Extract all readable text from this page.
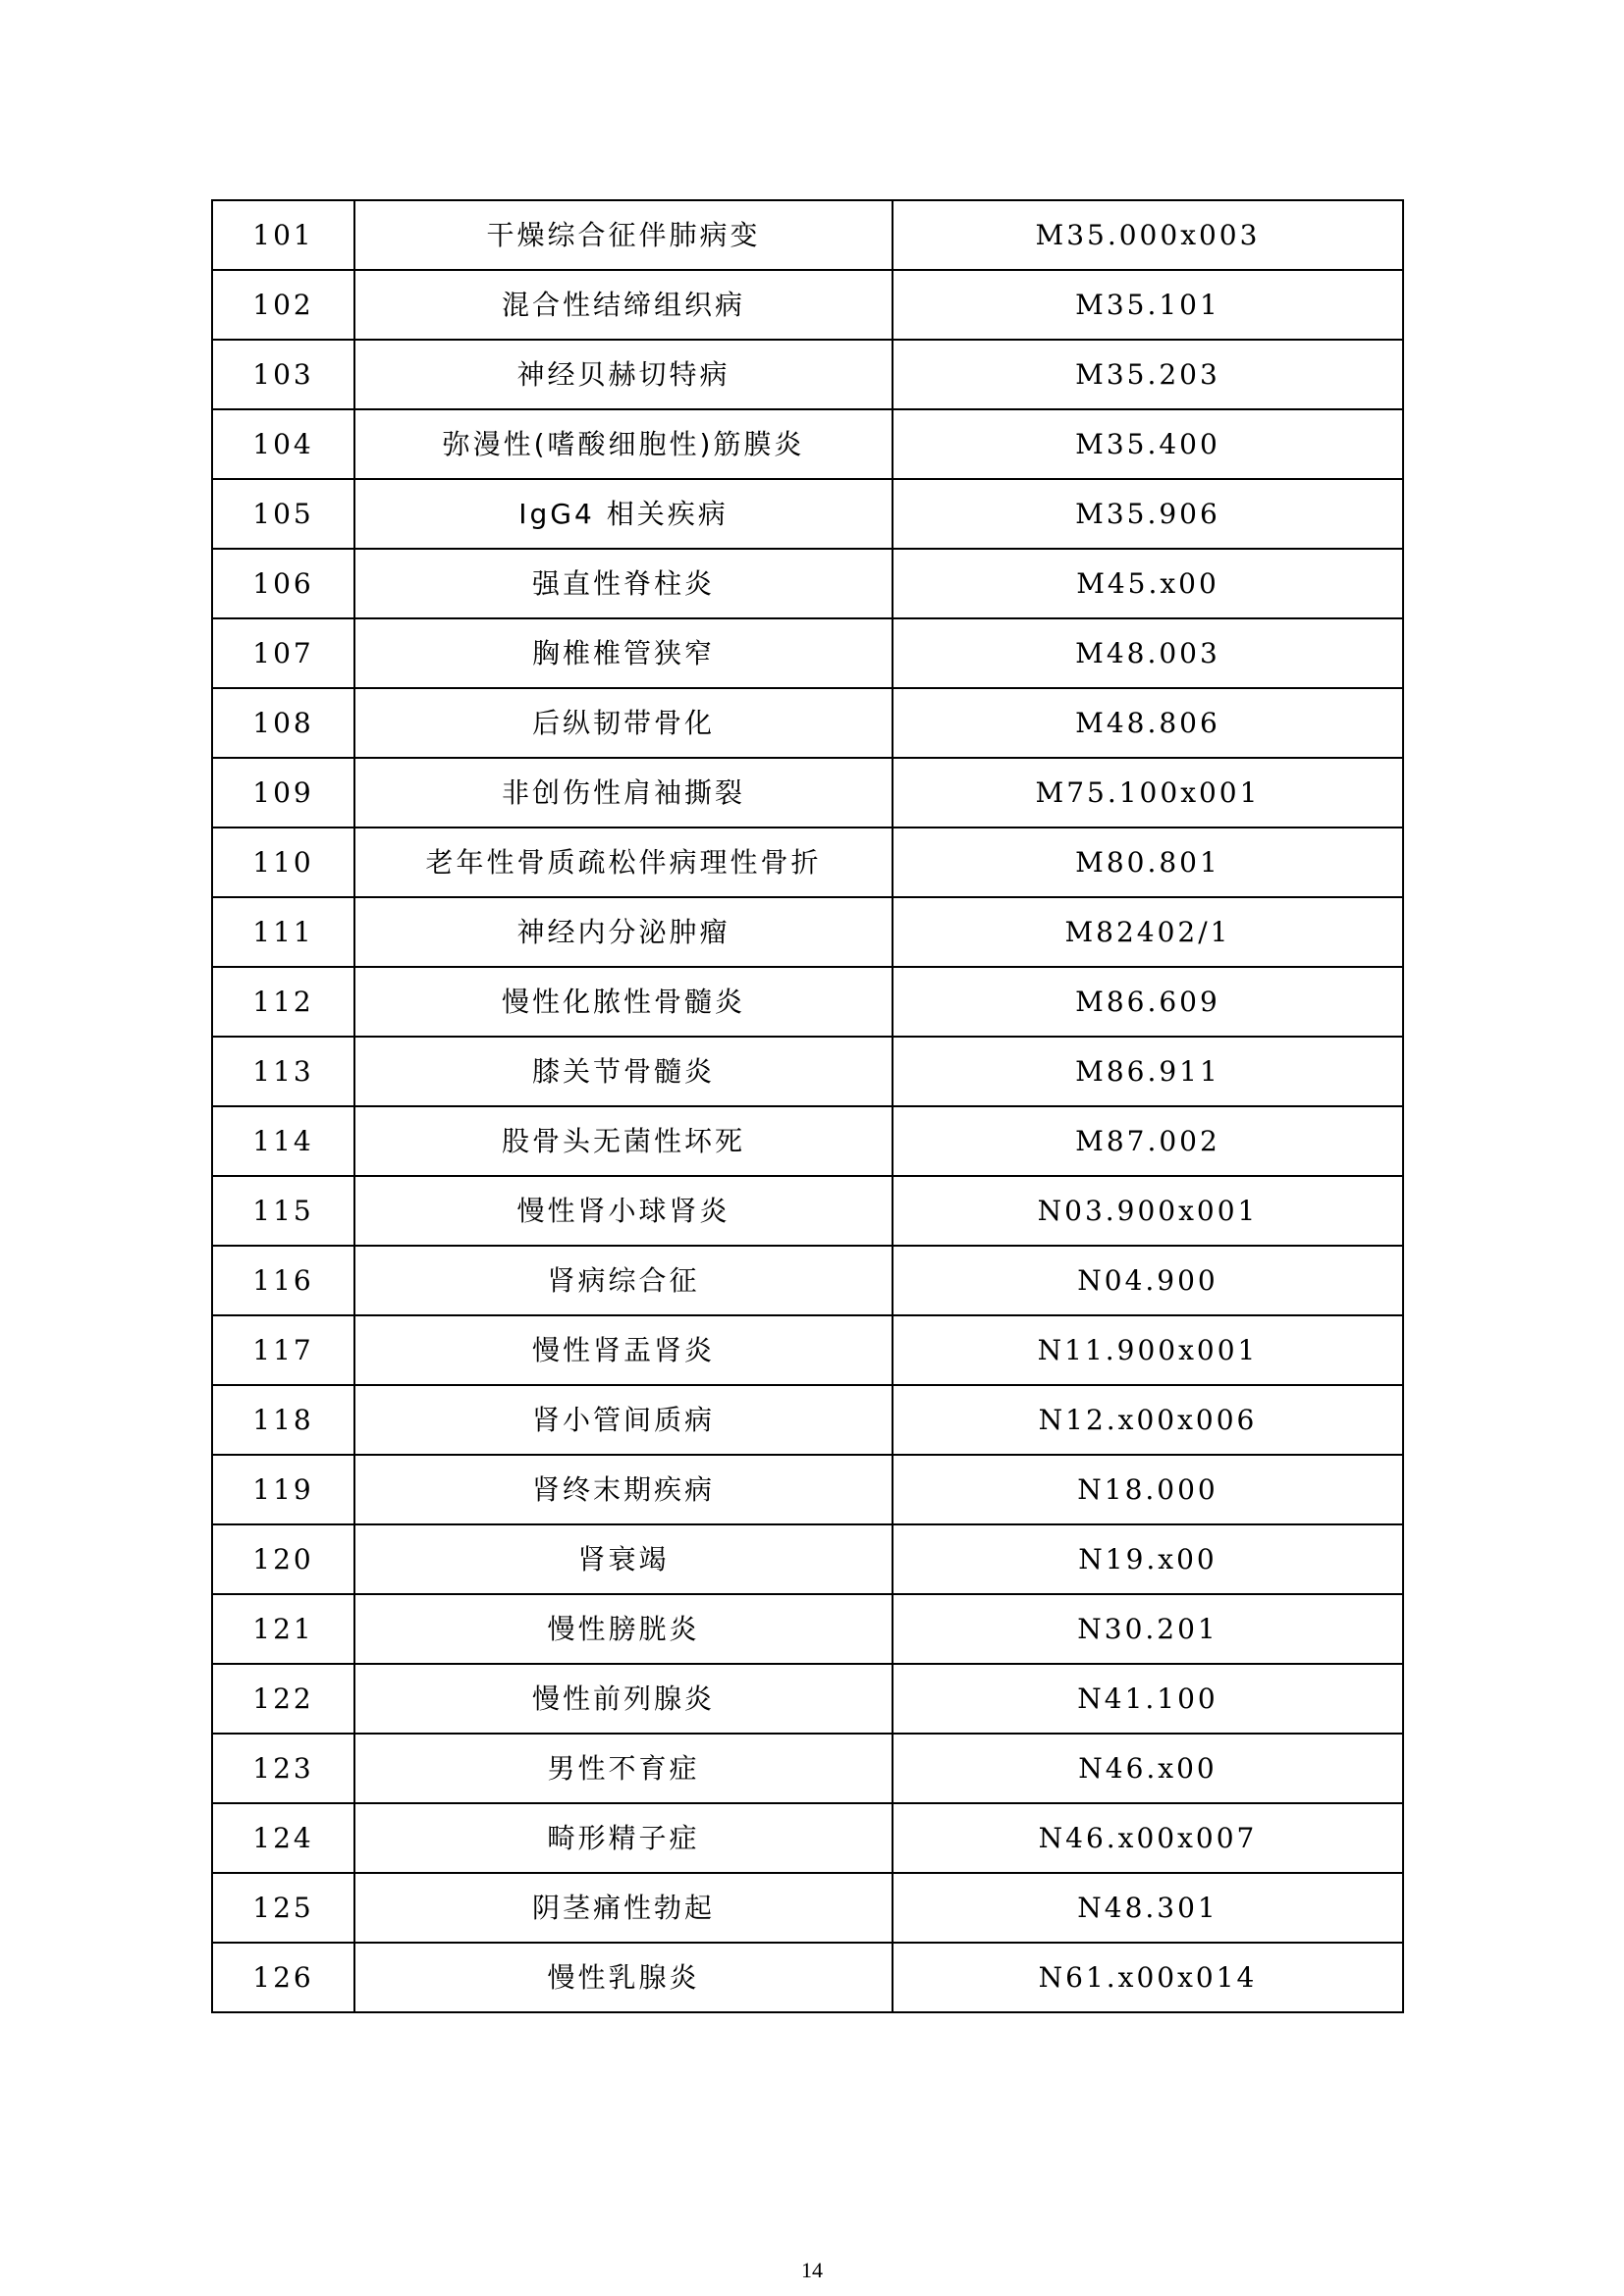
101	干燥综合征伴肺病变	M35.000x003
102	混合性结缔组织病	M35.101
103	神经贝赫切特病	M35.203
104	弥漫性(嗜酸细胞性)筋膜炎	M35.400
105	IgG4 相关疾病	M35.906
106	强直性脊柱炎	M45.x00
107	胸椎椎管狭窄	M48.003
108	后纵韧带骨化	M48.806
109	非创伤性肩袖撕裂	M75.100x001
110	老年性骨质疏松伴病理性骨折	M80.801
111	神经内分泌肿瘤	M82402/1
112	慢性化脓性骨髓炎	M86.609
113	膝关节骨髓炎	M86.911
114	股骨头无菌性坏死	M87.002
115	慢性肾小球肾炎	N03.900x001
116	肾病综合征	N04.900
117	慢性肾盂肾炎	N11.900x001
118	肾小管间质病	N12.x00x006
119	肾终末期疾病	N18.000
120	肾衰竭	N19.x00
121	慢性膀胱炎	N30.201
122	慢性前列腺炎	N41.100
123	男性不育症	N46.x00
124	畸形精子症	N46.x00x007
125	阴茎痛性勃起	N48.301
126	慢性乳腺炎	N61.x00x014
14
